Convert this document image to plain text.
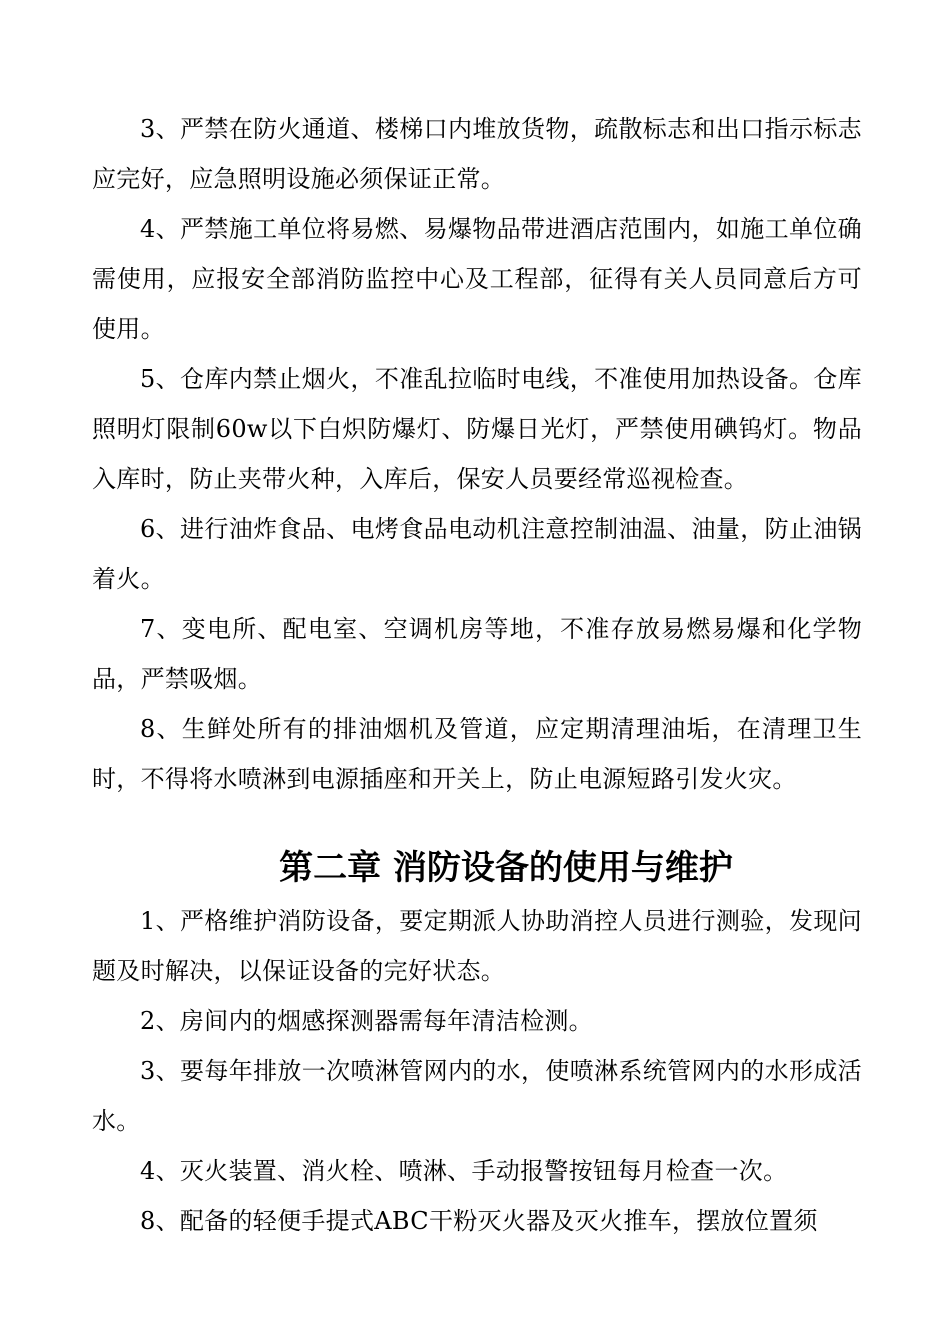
3、严禁在防火通道、楼梯口内堆放货物，疏散标志和出口指示标志应完好，应急照明设施必须保证正常。

4、严禁施工单位将易燃、易爆物品带进酒店范围内，如施工单位确需使用，应报安全部消防监控中心及工程部，征得有关人员同意后方可使用。

5、仓库内禁止烟火，不准乱拉临时电线，不准使用加热设备。仓库照明灯限制60w以下白炽防爆灯、防爆日光灯，严禁使用碘钨灯。物品入库时，防止夹带火种，入库后，保安人员要经常巡视检查。

6、进行油炸食品、电烤食品电动机注意控制油温、油量，防止油锅着火。

7、变电所、配电室、空调机房等地，不准存放易燃易爆和化学物品，严禁吸烟。

8、生鲜处所有的排油烟机及管道，应定期清理油垢，在清理卫生时，不得将水喷淋到电源插座和开关上，防止电源短路引发火灾。

第二章 消防设备的使用与维护

1、严格维护消防设备，要定期派人协助消控人员进行测验，发现问题及时解决，以保证设备的完好状态。

2、房间内的烟感探测器需每年清洁检测。

3、要每年排放一次喷淋管网内的水，使喷淋系统管网内的水形成活水。

4、灭火装置、消火栓、喷淋、手动报警按钮每月检查一次。

8、配备的轻便手提式ABC干粉灭火器及灭火推车，摆放位置须
